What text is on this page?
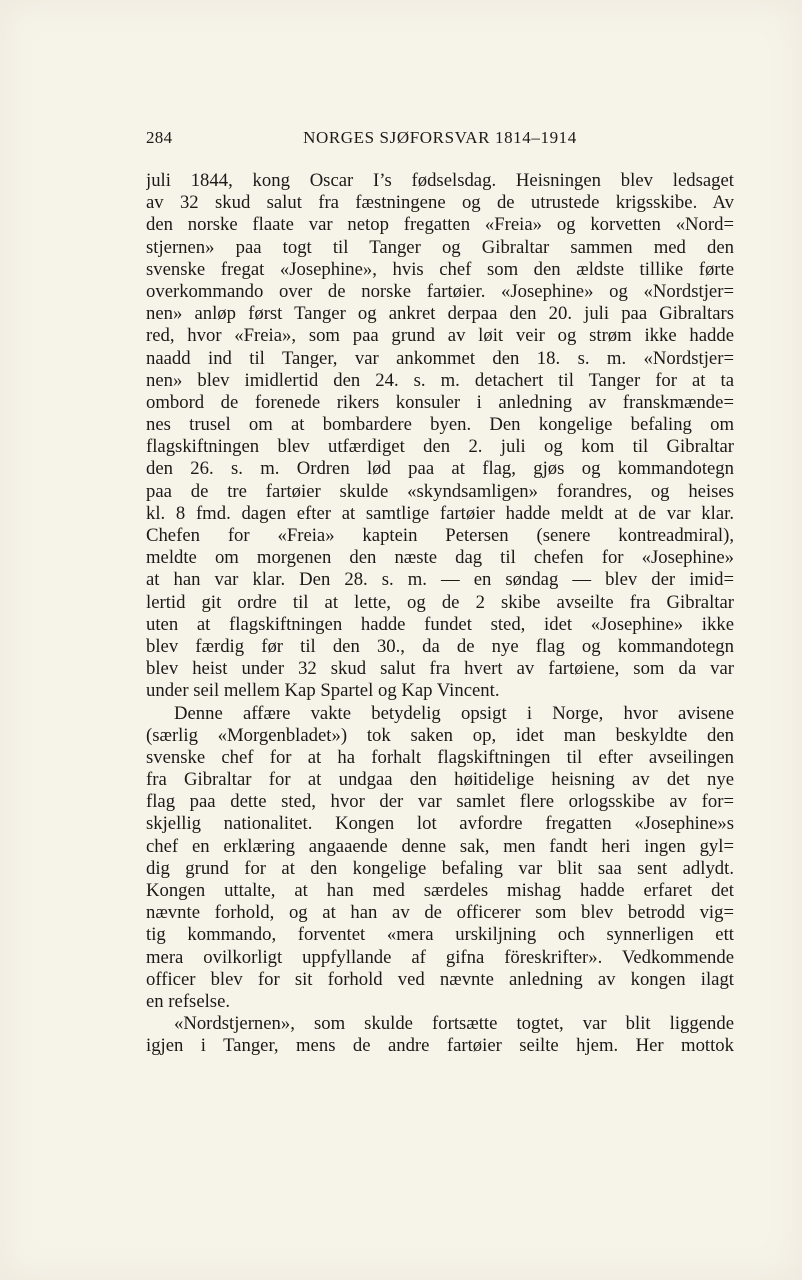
284	NORGES SJØFORSVAR 1814–1914
juli 1844, kong Oscar I’s fødselsdag. Heisningen blev ledsaget
av 32 skud salut fra fæstningene og de utrustede krigsskibe. Av
den norske flaate var netop fregatten «Freia» og korvetten «Nord=
stjernen» paa togt til Tanger og Gibraltar sammen med den
svenske fregat «Josephine», hvis chef som den ældste tillike førte
overkommando over de norske fartøier. «Josephine» og «Nordstjer=
nen» anløp først Tanger og ankret derpaa den 20. juli paa Gibraltars
red, hvor «Freia», som paa grund av løit veir og strøm ikke hadde
naadd ind til Tanger, var ankommet den 18. s. m. «Nordstjer=
nen» blev imidlertid den 24. s. m. detachert til Tanger for at ta
ombord de forenede rikers konsuler i anledning av franskmænde=
nes trusel om at bombardere byen. Den kongelige befaling om
flagskiftningen blev utfærdiget den 2. juli og kom til Gibraltar
den 26. s. m. Ordren lød paa at flag, gjøs og kommandotegn
paa de tre fartøier skulde «skyndsamligen» forandres, og heises
kl. 8 fmd. dagen efter at samtlige fartøier hadde meldt at de var klar.
Chefen for «Freia» kaptein Petersen (senere kontreadmiral),
meldte om morgenen den næste dag til chefen for «Josephine»
at han var klar. Den 28. s. m. — en søndag — blev der imid=
lertid git ordre til at lette, og de 2 skibe avseilte fra Gibraltar
uten at flagskiftningen hadde fundet sted, idet «Josephine» ikke
blev færdig før til den 30., da de nye flag og kommandotegn
blev heist under 32 skud salut fra hvert av fartøiene, som da var
under seil mellem Kap Spartel og Kap Vincent.
Denne affære vakte betydelig opsigt i Norge, hvor avisene
(særlig «Morgenbladet») tok saken op, idet man beskyldte den
svenske chef for at ha forhalt flagskiftningen til efter avseilingen
fra Gibraltar for at undgaa den høitidelige heisning av det nye
flag paa dette sted, hvor der var samlet flere orlogsskibe av for=
skjellig nationalitet. Kongen lot avfordre fregatten «Josephine»s
chef en erklæring angaaende denne sak, men fandt heri ingen gyl=
dig grund for at den kongelige befaling var blit saa sent adlydt.
Kongen uttalte, at han med særdeles mishag hadde erfaret det
nævnte forhold, og at han av de officerer som blev betrodd vig=
tig kommando, forventet «mera urskiljning och synnerligen ett
mera ovilkorligt uppfyllande af gifna föreskrifter». Vedkommende
officer blev for sit forhold ved nævnte anledning av kongen ilagt
en refselse.
«Nordstjernen», som skulde fortsætte togtet, var blit liggende
igjen i Tanger, mens de andre fartøier seilte hjem. Her mottok
